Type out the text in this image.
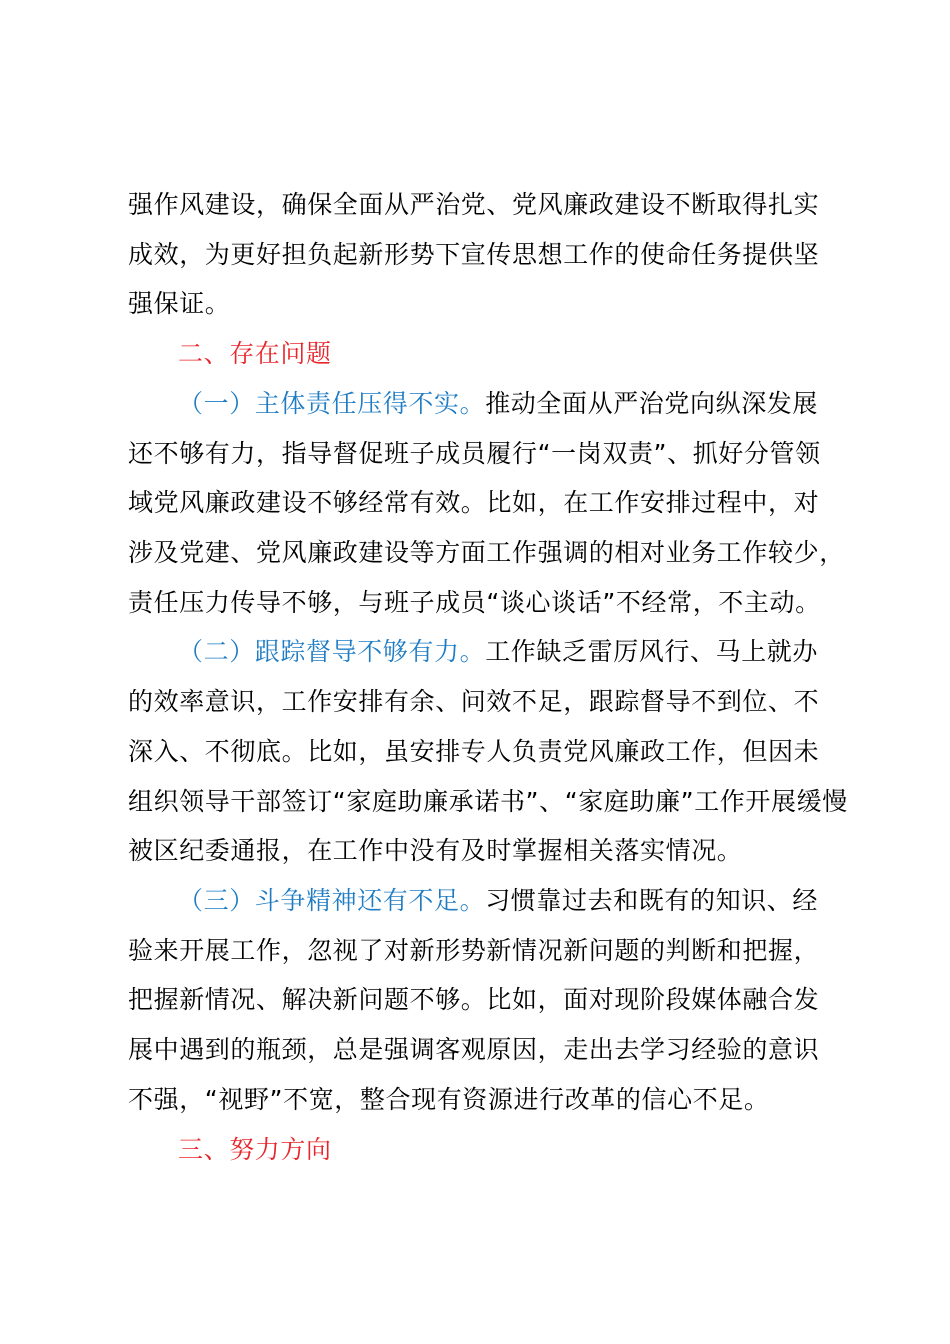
强作风建设，确保全面从严治党、党风廉政建设不断取得扎实
成效，为更好担负起新形势下宣传思想工作的使命任务提供坚
强保证。
二、存在问题
（一）主体责任压得不实。推动全面从严治党向纵深发展
还不够有力，指导督促班子成员履行“一岗双责”、抓好分管领
域党风廉政建设不够经常有效。比如，在工作安排过程中，对
涉及党建、党风廉政建设等方面工作强调的相对业务工作较少，
责任压力传导不够，与班子成员“谈心谈话”不经常，不主动。
（二）跟踪督导不够有力。工作缺乏雷厉风行、马上就办
的效率意识，工作安排有余、问效不足，跟踪督导不到位、不
深入、不彻底。比如，虽安排专人负责党风廉政工作，但因未
组织领导干部签订“家庭助廉承诺书”、“家庭助廉”工作开展缓慢
被区纪委通报，在工作中没有及时掌握相关落实情况。
（三）斗争精神还有不足。习惯靠过去和既有的知识、经
验来开展工作，忽视了对新形势新情况新问题的判断和把握，
把握新情况、解决新问题不够。比如，面对现阶段媒体融合发
展中遇到的瓶颈，总是强调客观原因，走出去学习经验的意识
不强，“视野”不宽，整合现有资源进行改革的信心不足。
三、努力方向
